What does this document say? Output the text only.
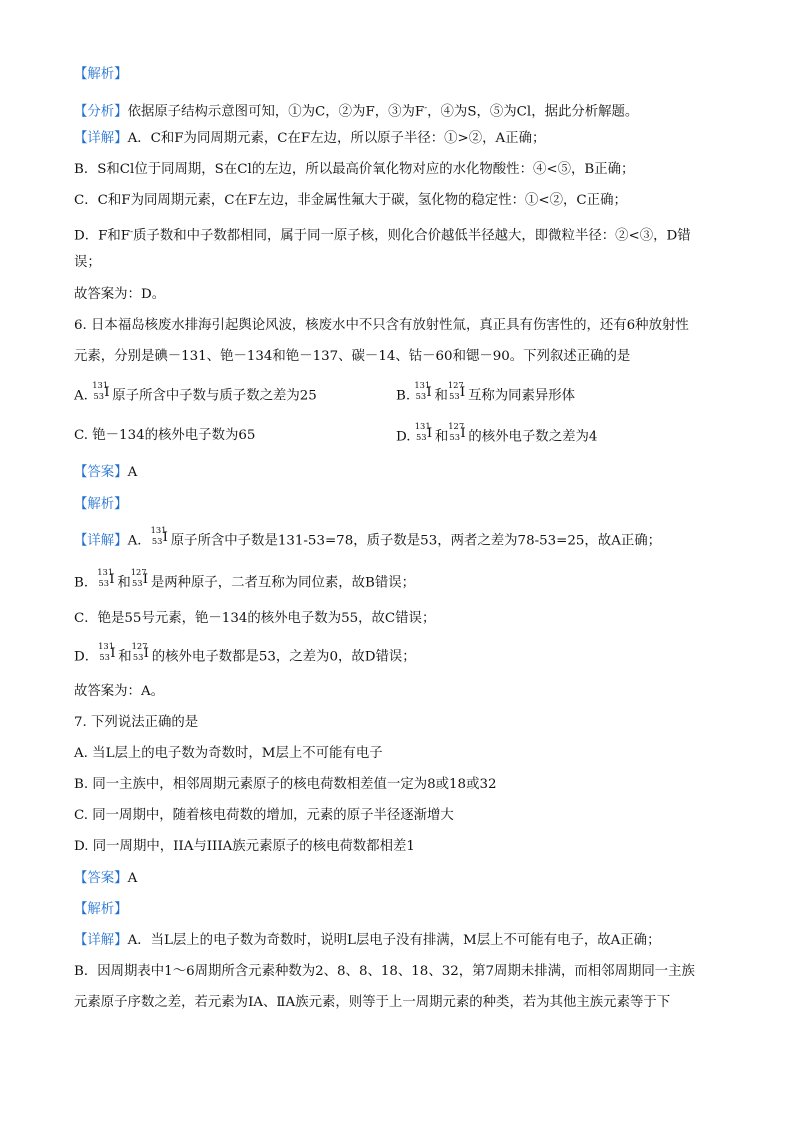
【解析】
【分析】依据原子结构示意图可知，①为C，②为F，③为F-，④为S，⑤为Cl，据此分析解题。
【详解】A．C和F为同周期元素，C在F左边，所以原子半径：①>②，A正确；
B．S和Cl位于同周期，S在Cl的左边，所以最高价氧化物对应的水化物酸性：④<⑤，B正确；
C．C和F为同周期元素，C在F左边，非金属性氟大于碳，氢化物的稳定性：①<②，C正确；
D．F和F-质子数和中子数都相同，属于同一原子核，则化合价越低半径越大，即微粒半径：②<③，D错
误；
故答案为：D。
6. 日本福岛核废水排海引起舆论风波，核废水中不只含有放射性氚，真正具有伤害性的，还有6种放射性
元素，分别是碘－131、铯－134和铯－137、碳－14、钴－60和锶－90。下列叙述正确的是
A.
131
53 I 原子所含中子数与质子数之差为25	B.
131
53 I 和
127
53 I 互称为同素异形体
C. 铯－134的核外电子数为65	D.
131
53 I 和
127
53 I 的核外电子数之差为4
【答案】A
【解析】
【详解】A．
131
53 I 原子所含中子数是131-53=78，质子数是53，两者之差为78-53=25，故A正确；
B．
131
53 I 和
127
53 I 是两种原子，二者互称为同位素，故B错误；
C．铯是55号元素，铯－134的核外电子数为55，故C错误；
D．
131
53 I 和
127
53 I 的核外电子数都是53，之差为0，故D错误；
故答案为：A。
7. 下列说法正确的是
A. 当L层上的电子数为奇数时，M层上不可能有电子
B. 同一主族中，相邻周期元素原子的核电荷数相差值一定为8或18或32
C. 同一周期中，随着核电荷数的增加，元素的原子半径逐渐增大
D. 同一周期中，IIA与IIIA族元素原子的核电荷数都相差1
【答案】A
【解析】
【详解】A．当L层上的电子数为奇数时，说明L层电子没有排满，M层上不可能有电子，故A正确；
B．因周期表中1～6周期所含元素种数为2、8、8、18、18、32，第7周期未排满，而相邻周期同一主族
元素原子序数之差，若元素为ⅠA、ⅡA族元素，则等于上一周期元素的种类，若为其他主族元素等于下
